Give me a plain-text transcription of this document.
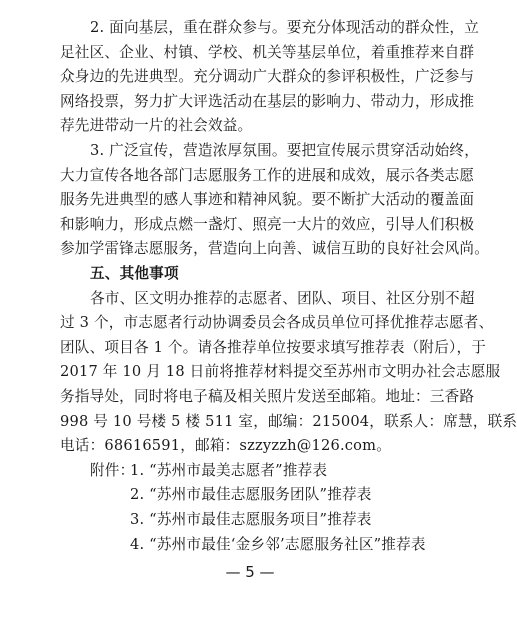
2. 面向基层，重在群众参与。要充分体现活动的群众性，立
足社区、企业、村镇、学校、机关等基层单位，着重推荐来自群
众身边的先进典型。充分调动广大群众的参评积极性，广泛参与
网络投票，努力扩大评选活动在基层的影响力、带动力，形成推
荐先进带动一片的社会效益。
3. 广泛宣传，营造浓厚氛围。要把宣传展示贯穿活动始终，
大力宣传各地各部门志愿服务工作的进展和成效，展示各类志愿
服务先进典型的感人事迹和精神风貌。要不断扩大活动的覆盖面
和影响力，形成点燃一盏灯、照亮一大片的效应，引导人们积极
参加学雷锋志愿服务，营造向上向善、诚信互助的良好社会风尚。
五、其他事项
各市、区文明办推荐的志愿者、团队、项目、社区分别不超
过 3 个，市志愿者行动协调委员会各成员单位可择优推荐志愿者、
团队、项目各 1 个。请各推荐单位按要求填写推荐表（附后），于
2017 年 10 月 18 日前将推荐材料提交至苏州市文明办社会志愿服
务指导处，同时将电子稿及相关照片发送至邮箱。地址：三香路
998 号 10 号楼 5 楼 511 室，邮编：215004，联系人：席慧，联系
电话：68616591，邮箱：szzyzzh@126.com。
附件：
1. “苏州市最美志愿者”推荐表
2. “苏州市最佳志愿服务团队”推荐表
3. “苏州市最佳志愿服务项目”推荐表
4. “苏州市最佳‘金乡邻’志愿服务社区”推荐表
— 5 —
